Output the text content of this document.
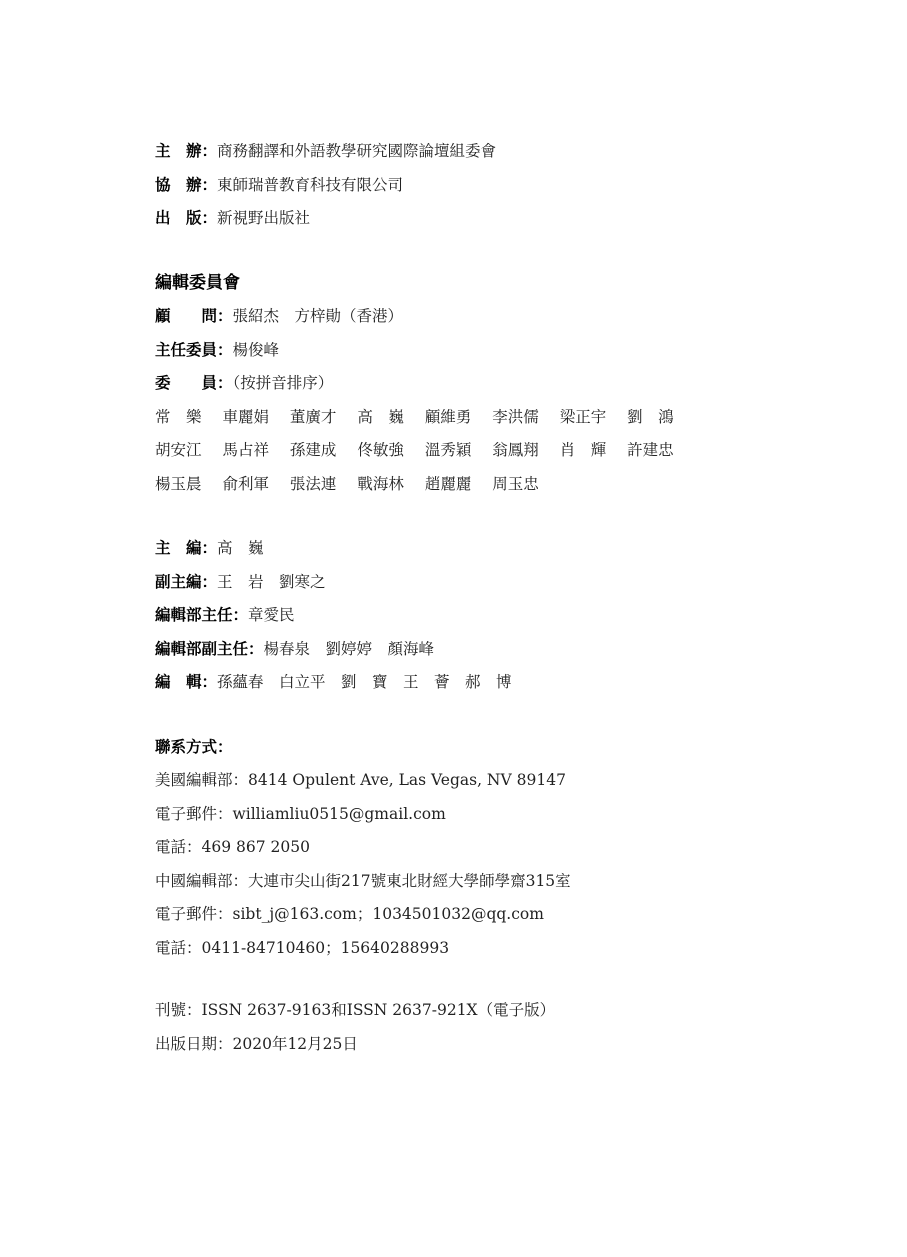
主　辦：商務翻譯和外語教學研究國際論壇組委會
協　辦：東師瑞普教育科技有限公司
出　版：新視野出版社
編輯委員會
顧　　問：張紹杰　方梓勛（香港）
主任委員：楊俊峰
委　　員：（按拼音排序）
常　樂 車麗娟 董廣才 高　巍 顧維勇 李洪儒 梁正宇 劉　鴻
胡安江 馬占祥 孫建成 佟敏強 溫秀穎 翁鳳翔 肖　輝 許建忠
楊玉晨 俞利軍 張法連 戰海林 趙麗麗 周玉忠
主　編：高　巍
副主編：王　岩　劉寒之
編輯部主任：章愛民
編輯部副主任：楊春泉　劉婷婷　顏海峰
編　輯：孫蘊春　白立平　劉　寶　王　薈　郝　博
聯系方式：
美國編輯部：8414 Opulent Ave, Las Vegas, NV 89147
電子郵件：williamliu0515@gmail.com
電話：469 867 2050
中國編輯部：大連市尖山街217號東北財經大學師學齋315室
電子郵件：sibt_j@163.com；1034501032@qq.com
電話：0411-84710460；15640288993
刊號：ISSN 2637-9163和ISSN 2637-921X（電子版）
出版日期：2020年12月25日
